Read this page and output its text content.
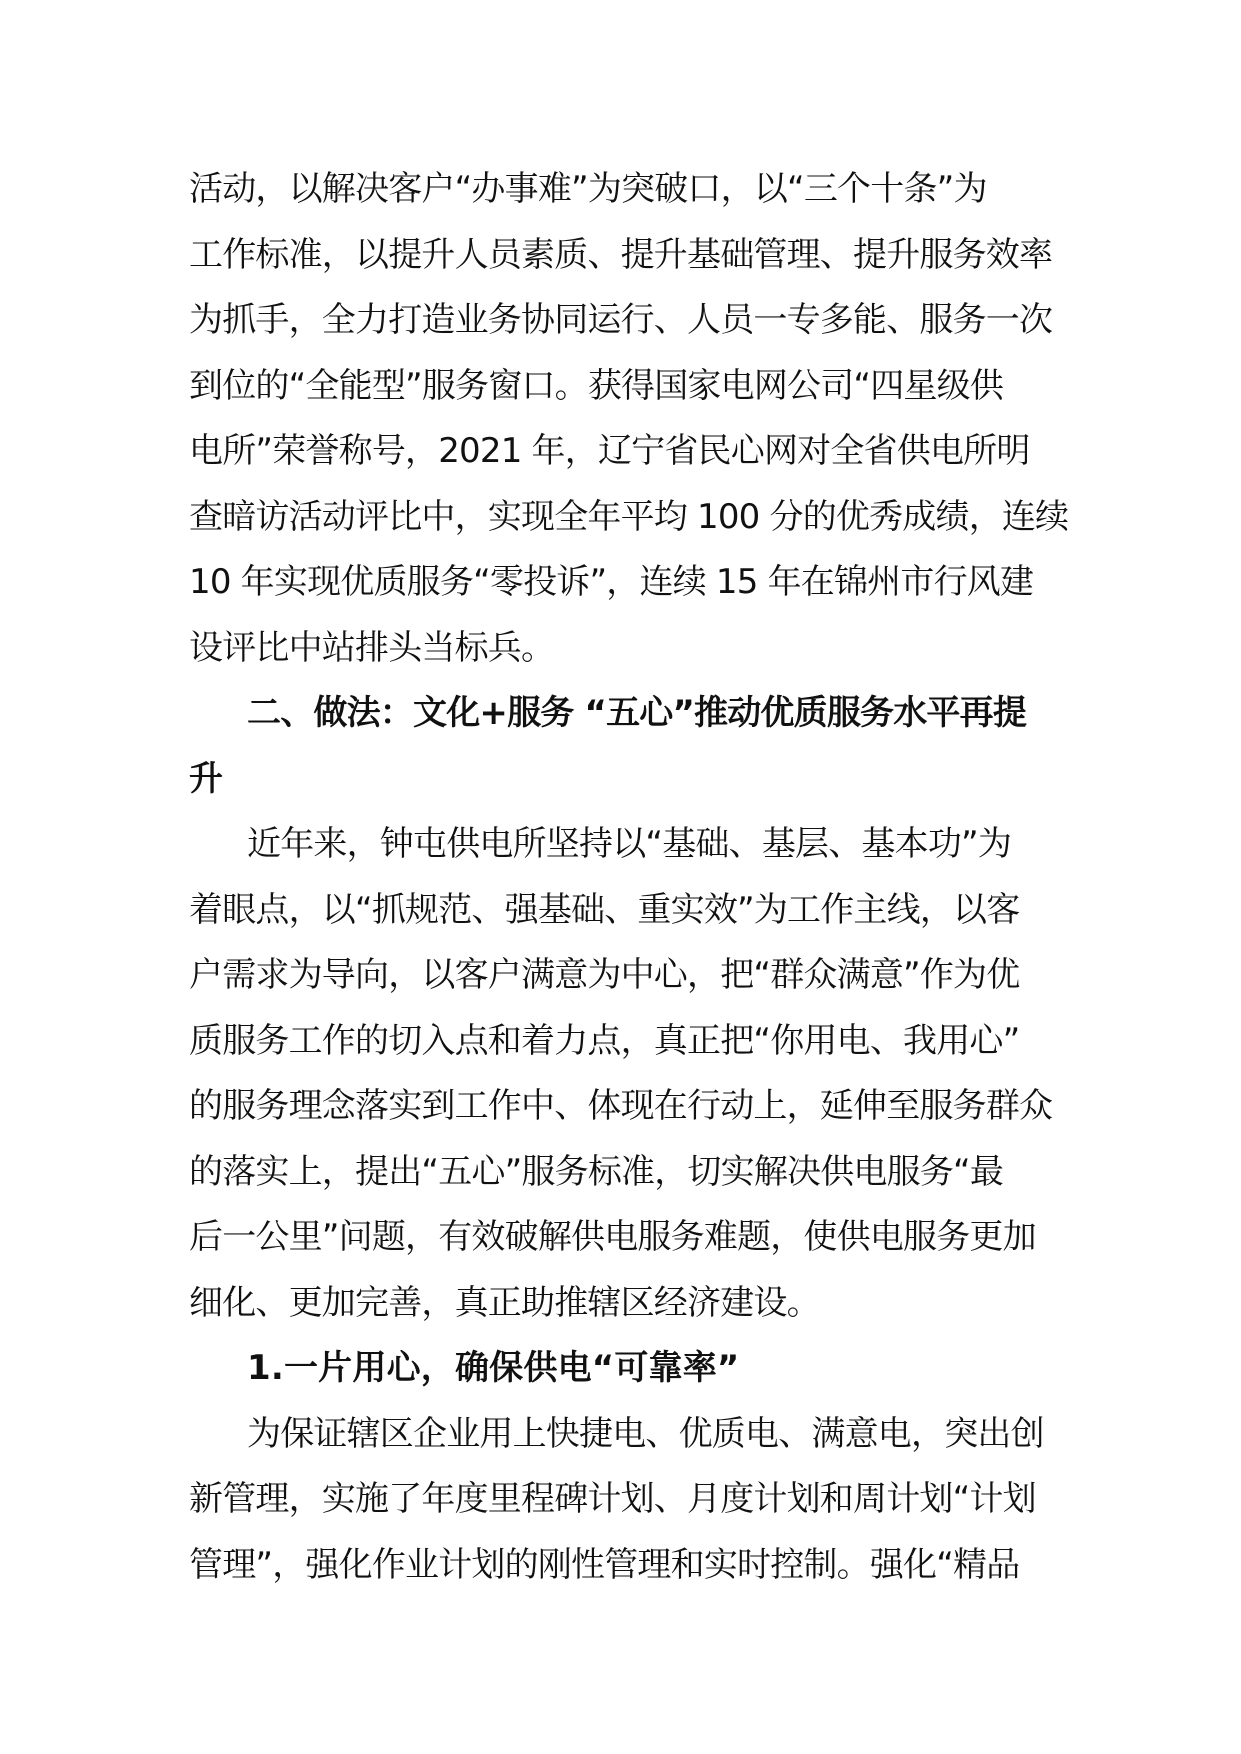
活动，以解决客户“办事难”为突破口，以“三个十条”为
工作标准，以提升人员素质、提升基础管理、提升服务效率
为抓手，全力打造业务协同运行、人员一专多能、服务一次
到位的“全能型”服务窗口。获得国家电网公司“四星级供
电所”荣誉称号，2021 年，辽宁省民心网对全省供电所明
查暗访活动评比中，实现全年平均 100 分的优秀成绩，连续
10 年实现优质服务“零投诉”，连续 15 年在锦州市行风建
设评比中站排头当标兵。
二、做法：文化+服务 “五心”推动优质服务水平再提
升
近年来，钟屯供电所坚持以“基础、基层、基本功”为
着眼点，以“抓规范、强基础、重实效”为工作主线，以客
户需求为导向，以客户满意为中心，把“群众满意”作为优
质服务工作的切入点和着力点，真正把“你用电、我用心”
的服务理念落实到工作中、体现在行动上，延伸至服务群众
的落实上，提出“五心”服务标准，切实解决供电服务“最
后一公里”问题，有效破解供电服务难题，使供电服务更加
细化、更加完善，真正助推辖区经济建设。
1.一片用心，确保供电“可靠率”
为保证辖区企业用上快捷电、优质电、满意电，突出创
新管理，实施了年度里程碑计划、月度计划和周计划“计划
管理”，强化作业计划的刚性管理和实时控制。强化“精品
